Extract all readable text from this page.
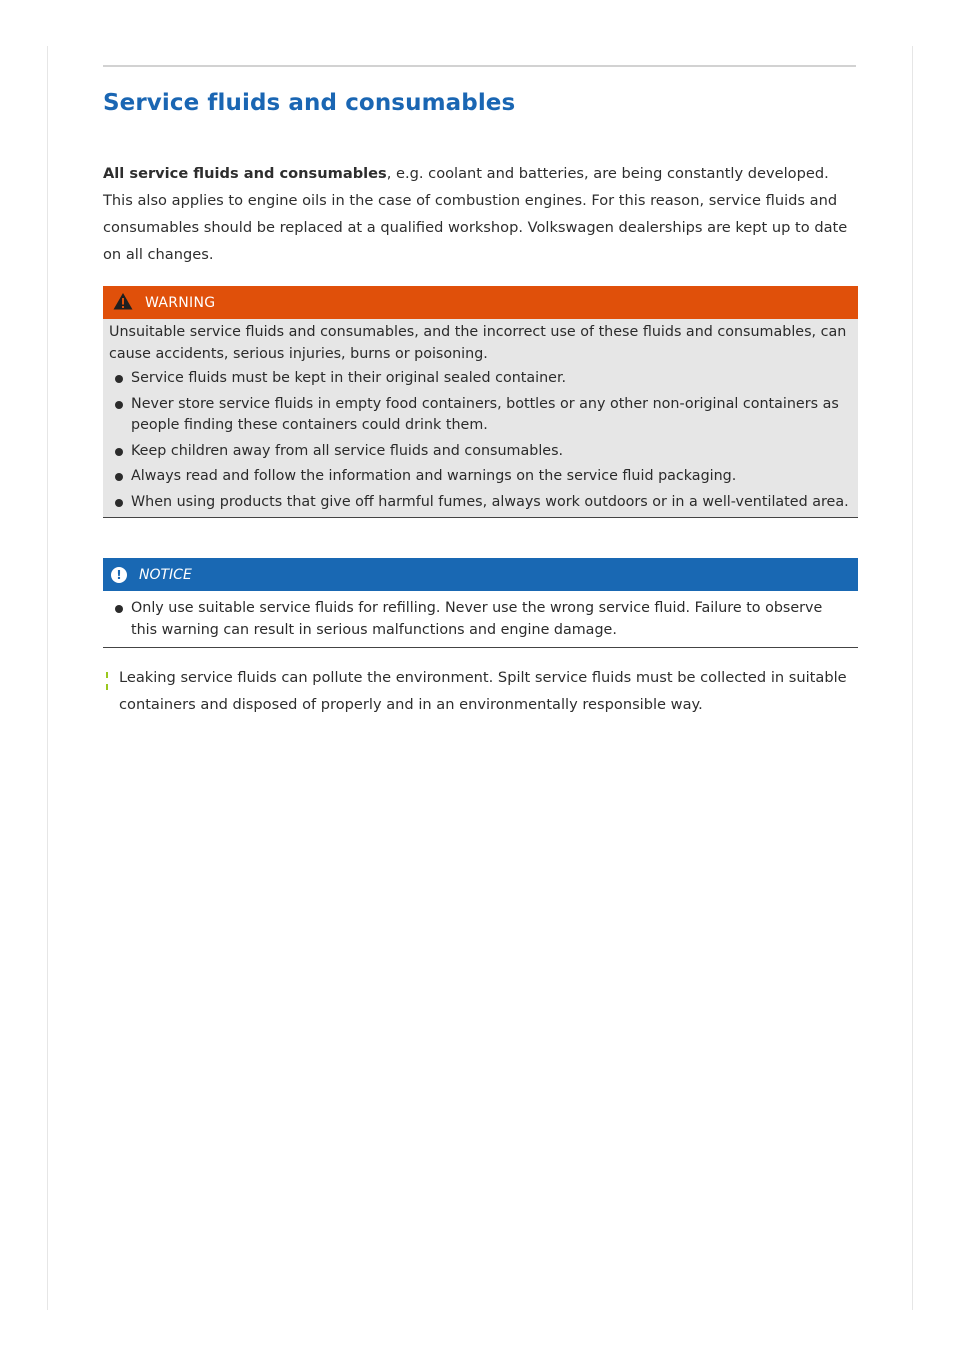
Service fluids and consumables

All service fluids and consumables, e.g. coolant and batteries, are being constantly developed. This also applies to engine oils in the case of combustion engines. For this reason, service fluids and consumables should be replaced at a qualified workshop. Volkswagen dealerships are kept up to date on all changes.

WARNING

Unsuitable service fluids and consumables, and the incorrect use of these fluids and consumables, can cause accidents, serious injuries, burns or poisoning.

Service fluids must be kept in their original sealed container.
Never store service fluids in empty food containers, bottles or any other non-original containers as people finding these containers could drink them.
Keep children away from all service fluids and consumables.
Always read and follow the information and warnings on the service fluid packaging.
When using products that give off harmful fumes, always work outdoors or in a well-ventilated area.
!	NOTICE
Only use suitable service fluids for refilling. Never use the wrong service fluid. Failure to observe this warning can result in serious malfunctions and engine damage.

Leaking service fluids can pollute the environment. Spilt service fluids must be collected in suitable containers and disposed of properly and in an environmentally responsible way.
